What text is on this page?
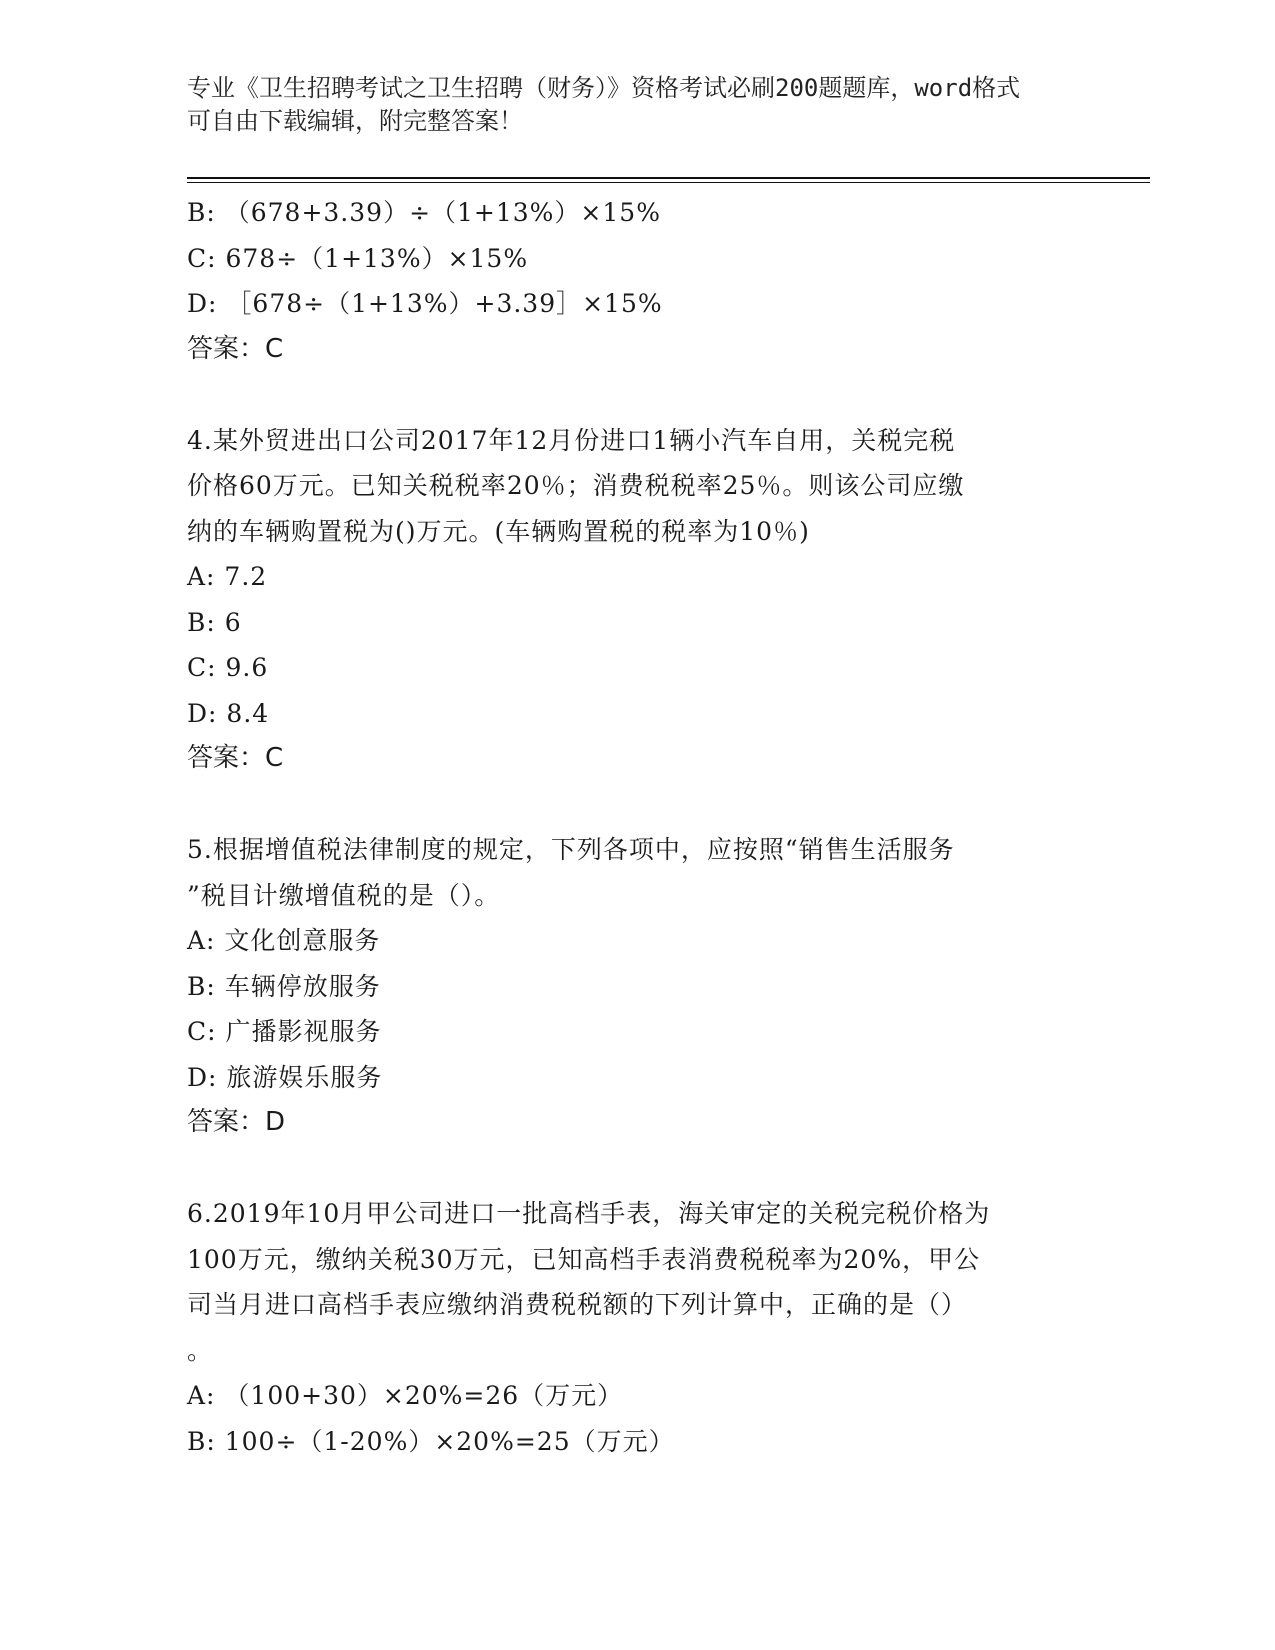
专业《卫生招聘考试之卫生招聘（财务）》资格考试必刷200题题库，word格式
可自由下载编辑，附完整答案！
B: （678+3.39）÷（1+13%）×15%
C: 678÷（1+13%）×15%
D: ［678÷（1+13%）+3.39］×15%
答案：C
4.某外贸进出口公司2017年12月份进口1辆小汽车自用，关税完税
价格60万元。已知关税税率20％；消费税税率25％。则该公司应缴
纳的车辆购置税为()万元。(车辆购置税的税率为10％)
A: 7.2
B: 6
C: 9.6
D: 8.4
答案：C
5.根据增值税法律制度的规定，下列各项中，应按照“销售生活服务
”税目计缴增值税的是（）。
A: 文化创意服务
B: 车辆停放服务
C: 广播影视服务
D: 旅游娱乐服务
答案：D
6.2019年10月甲公司进口一批高档手表，海关审定的关税完税价格为
100万元，缴纳关税30万元，已知高档手表消费税税率为20%，甲公
司当月进口高档手表应缴纳消费税税额的下列计算中，正确的是（）
。
A: （100+30）×20%=26（万元）
B: 100÷（1-20%）×20%=25（万元）
